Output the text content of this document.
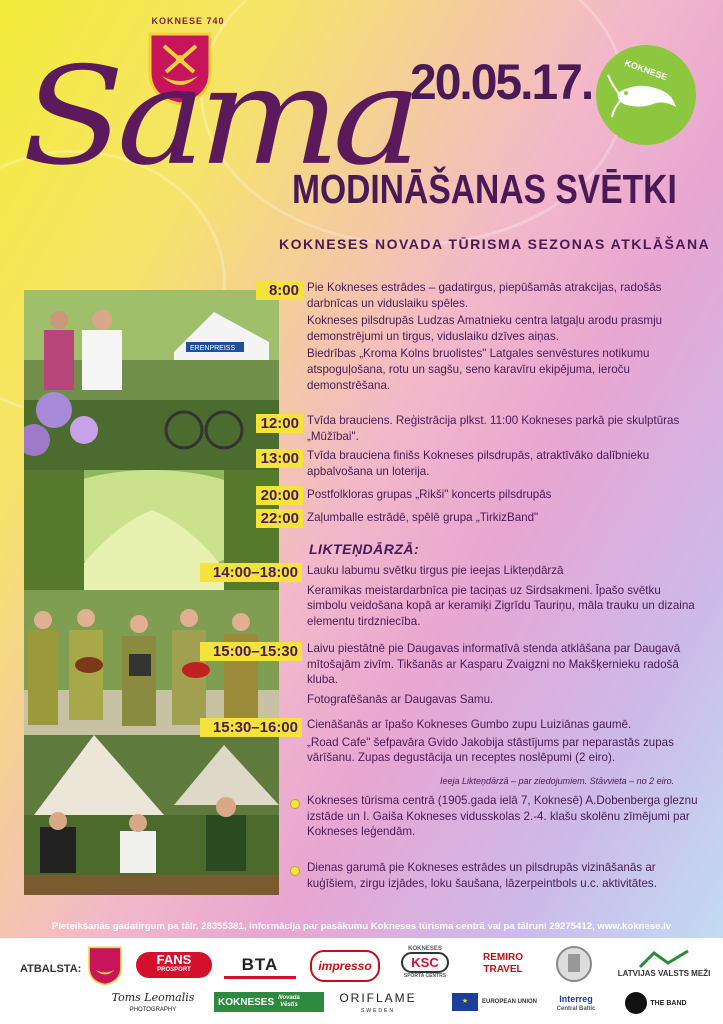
KOKNESE 740
Sama
20.05.17.	KOKNESE
MODINĀŠANAS SVĒTKI
KOKNESES NOVADA TŪRISMA SEZONAS ATKLĀŠANA
ERENPREISS
8:00 Pie Kokneses estrādes – gadatirgus, piepūšamās atrakcijas, radošās darbnīcas un viduslaiku spēles.

Kokneses pilsdrupās Ludzas Amatnieku centra latgaļu arodu prasmju demonstrējumi un tirgus, viduslaiku dzīves aiņas.

Biedrības „Kroma Kolns bruolistes" Latgales senvēstures notikumu atspoguļošana, rotu un sagšu, seno karavīru ekipējuma, ieroču demonstrēšana.

12:00 Tvīda brauciens. Reģistrācija plkst. 11:00 Kokneses parkā pie skulptūras „Mūžībai".

13:00 Tvīda brauciena finišs Kokneses pilsdrupās, atraktīvāko dalībnieku apbalvošana un loterija.

20:00 Postfolkloras grupas „Rikši" koncerts pilsdrupās

22:00 Zaļumballe estrādē, spēlē grupa „TirkizBand"

LIKTEŅDĀRZĀ:
14:00–18:00 Lauku labumu svētku tirgus pie ieejas Likteņdārzā

Keramikas meistardarbnīca pie taciņas uz Sirdsakmeni. Īpašo svētku simbolu veidošana kopā ar keramiķi Zigrīdu Tauriņu, māla trauku un dizaina elementu tirdzniecība.

15:00–15:30 Laivu piestātnē pie Daugavas informatīvā stenda atklāšana par Daugavā mītošajām zivīm. Tikšanās ar Kasparu Zvaigzni no Makšķernieku radošā kluba.

Fotografēšanās ar Daugavas Samu.

15:30–16:00 Cienāšanās ar īpašo Kokneses Gumbo zupu Luiziānas gaumē.

„Road Cafe" šefpavāra Gvido Jakobija stāstījums par neparastās zupas vārīšanu. Zupas degustācija un receptes noslēpumi (2 eiro).

Ieeja Likteņdārzā – par ziedojumiem. Stāvvieta – no 2 eiro.
Kokneses tūrisma centrā (1905.gada ielā 7, Koknesē) A.Dobenberga gleznu izstāde un I. Gaiša Kokneses vidusskolas 2.-4. klašu skolēnu zīmējumi par Kokneses leģendām.
Dienas garumā pie Kokneses estrādes un pilsdrupās vizināšanās ar kuģīšiem, zirgu izjādes, loku šaušana, lāzerpeintbols u.c. aktivitātes.
Pieteikšanās gadatirgum pa tālr. 28355381, informācija par pasākumu Kokneses tūrisma centrā vai pa tālruni 29275412, www.koknese.lv
ATBALSTA:
FANS
PROSPORT	BTA	impresso
KOKNESES
KSC
SPORTA CENTRS
REMIRO
TRAVEL	LATVIJAS VALSTS MEŽI
Toms Leomalis
PHOTOGRAPHY
KOKNESES Novada
Vēstis	ORIFLAME
SWEDEN
★	EUROPEAN UNION Interreg
Central Baltic
THE BAND
